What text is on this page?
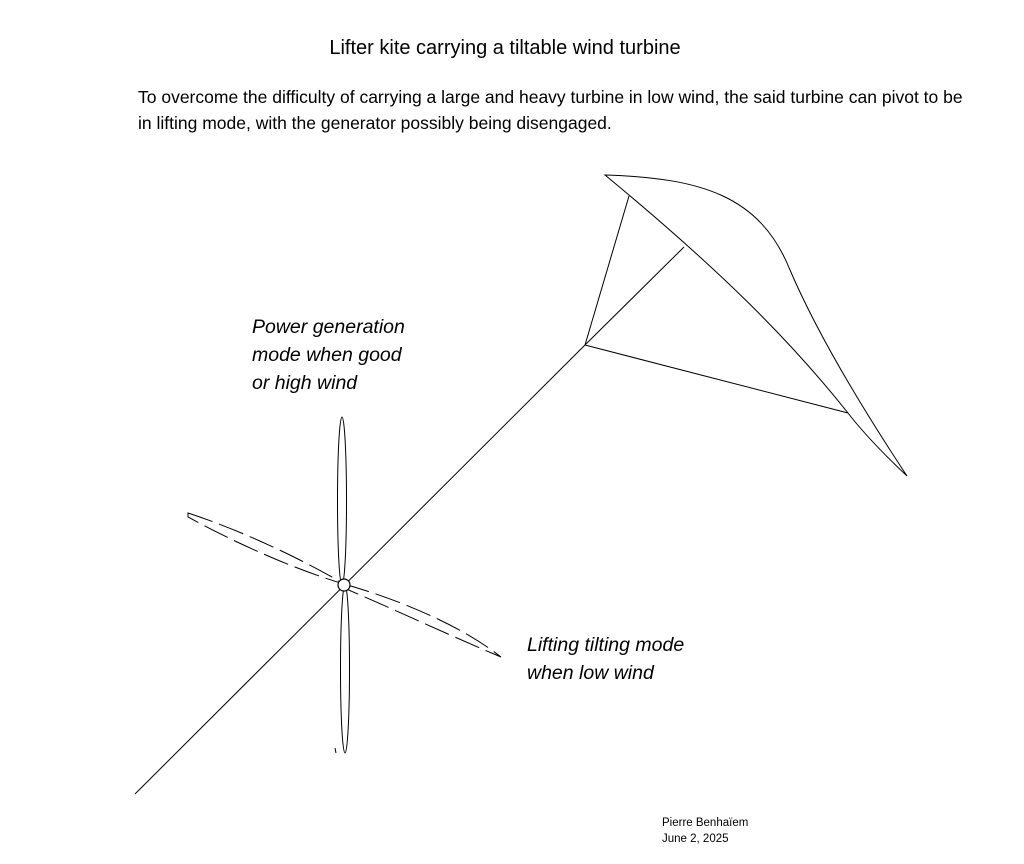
Lifter kite carrying a tiltable wind turbine

To overcome the difficulty of carrying a large and heavy turbine in low wind, the said turbine can pivot to be in lifting mode, with the generator possibly being disengaged.

Power generation
mode when good
or high wind
Lifting tilting mode
when low wind
Pierre Benhaïem
June 2, 2025
